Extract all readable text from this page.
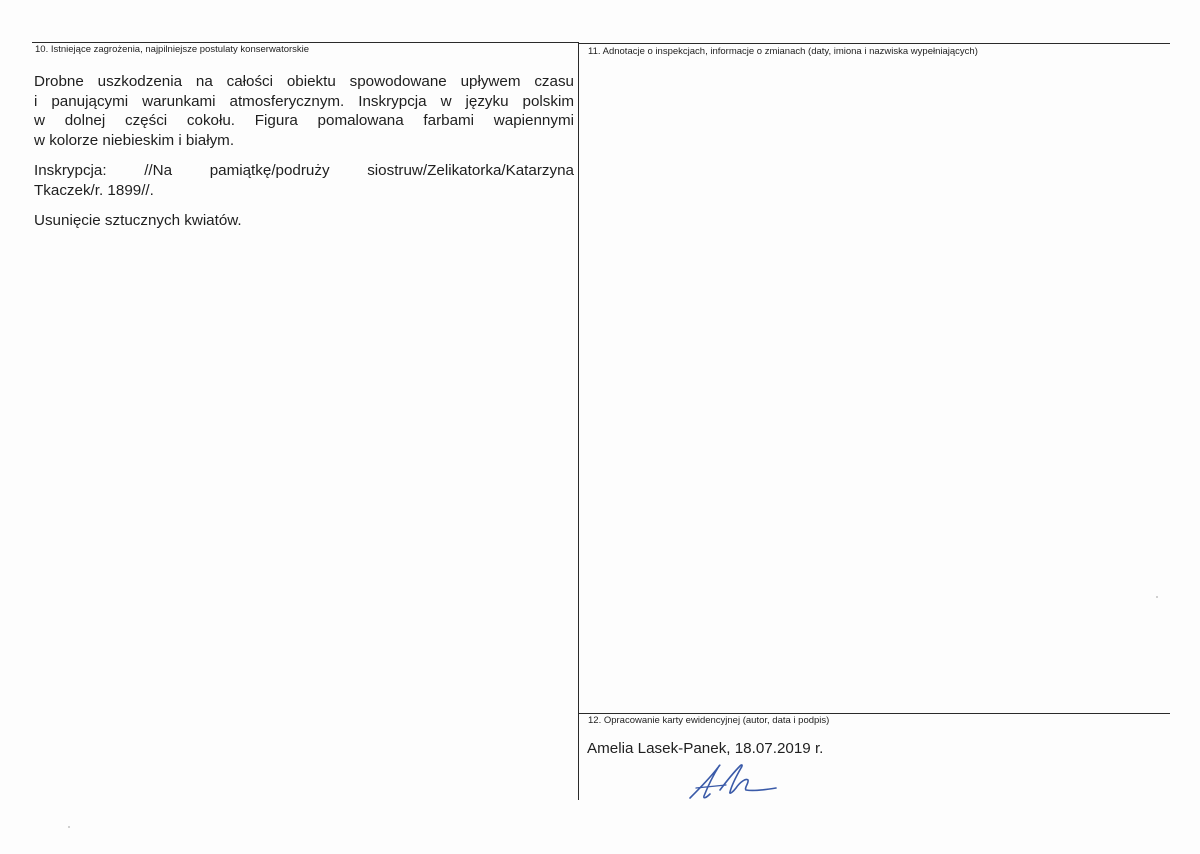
10. Istniejące zagrożenia, najpilniejsze postulaty konserwatorskie

Drobne uszkodzenia na całości obiektu spowodowane upływem czasu
i panującymi warunkami atmosferycznym. Inskrypcja w języku polskim
w dolnej części cokołu. Figura pomalowana farbami wapiennymi
w kolorze niebieskim i białym.

Inskrypcja: //Na pamiątkę/podruży siostruw/Zelikatorka/Katarzyna
Tkaczek/r. 1899//.

Usunięcie sztucznych kwiatów.

11. Adnotacje o inspekcjach, informacje o zmianach (daty, imiona i nazwiska wypełniających)
12. Opracowanie karty ewidencyjnej (autor, data i podpis)
Amelia Lasek-Panek, 18.07.2019 r.
